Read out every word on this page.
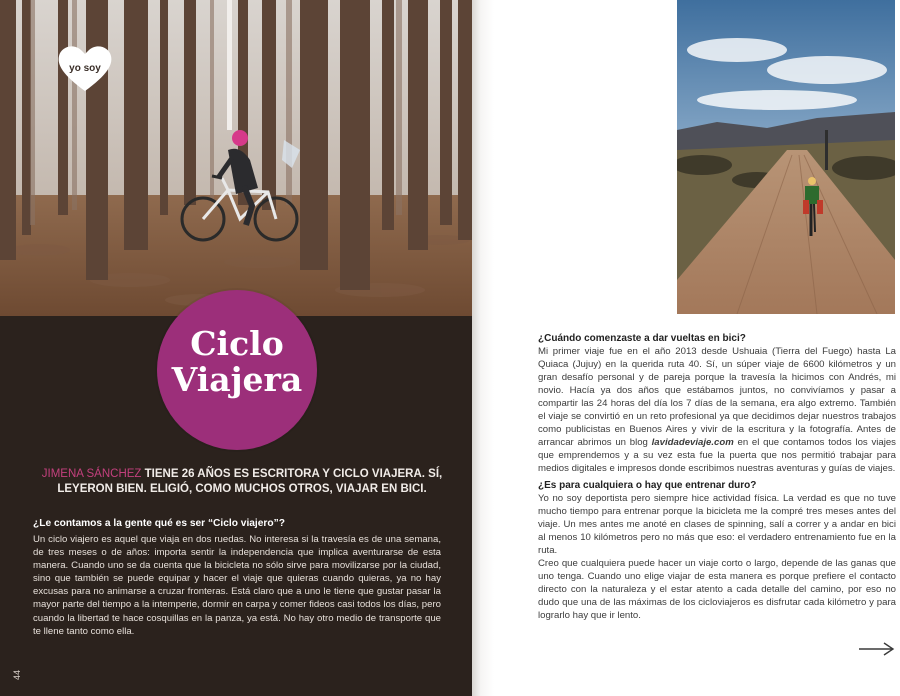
yo soy
Ciclo
Viajera
JIMENA SÁNCHEZ TIENE 26 AÑOS ES ESCRITORA Y CICLO VIAJERA. SÍ, LEYERON BIEN. ELIGIÓ, COMO MUCHOS OTROS, VIAJAR EN BICI.
¿Le contamos a la gente qué es ser “Ciclo viajero”?
Un ciclo viajero es aquel que viaja en dos ruedas. No interesa si la travesía es de una semana, de tres meses o de años: importa sentir la independencia que implica aventurarse de esta manera. Cuando uno se da cuenta que la bicicleta no sólo sirve para movilizarse por la ciudad, sino que también se puede equipar y hacer el viaje que quieras cuando quieras, ya no hay excusas para no animarse a cruzar fronteras. Está claro que a uno le tiene que gustar pasar la mayor parte del tiempo a la intemperie, dormir en carpa y comer fideos casi todos los días, pero cuando la libertad te hace cosquillas en la panza, ya está. No hay otro medio de transporte que te llene tanto como ella.
44
¿Cuándo comenzaste a dar vueltas en bici?

Mi primer viaje fue en el año 2013 desde Ushuaia (Tierra del Fuego) hasta La Quiaca (Jujuy) en la querida ruta 40. Sí, un súper viaje de 6600 kilómetros y un gran desafío personal y de pareja porque la travesía la hicimos con Andrés, mi novio. Hacía ya dos años que estábamos juntos, no convivíamos y pasar a compartir las 24 horas del día los 7 días de la semana, era algo extremo. También el viaje se convirtió en un reto profesional ya que decidimos dejar nuestros trabajos como publicistas en Buenos Aires y vivir de la escritura y la fotografía. Antes de arrancar abrimos un blog lavidadeviaje.com en el que contamos todos los viajes que emprendemos y a su vez esta fue la puerta que nos permitió trabajar para medios digitales e impresos donde escribimos nuestras aventuras y guías de viajes.

¿Es para cualquiera o hay que entrenar duro?

Yo no soy deportista pero siempre hice actividad física. La verdad es que no tuve mucho tiempo para entrenar porque la bicicleta me la compré tres meses antes del viaje. Un mes antes me anoté en clases de spinning, salí a correr y a andar en bici al menos 10 kilómetros pero no más que eso: el verdadero entrenamiento fue en la ruta.

Creo que cualquiera puede hacer un viaje corto o largo, depende de las ganas que uno tenga. Cuando uno elige viajar de esta manera es porque prefiere el contacto directo con la naturaleza y el estar atento a cada detalle del camino, por eso no dudo que una de las máximas de los cicloviajeros es disfrutar cada kilómetro y para lograrlo hay que ir lento.
